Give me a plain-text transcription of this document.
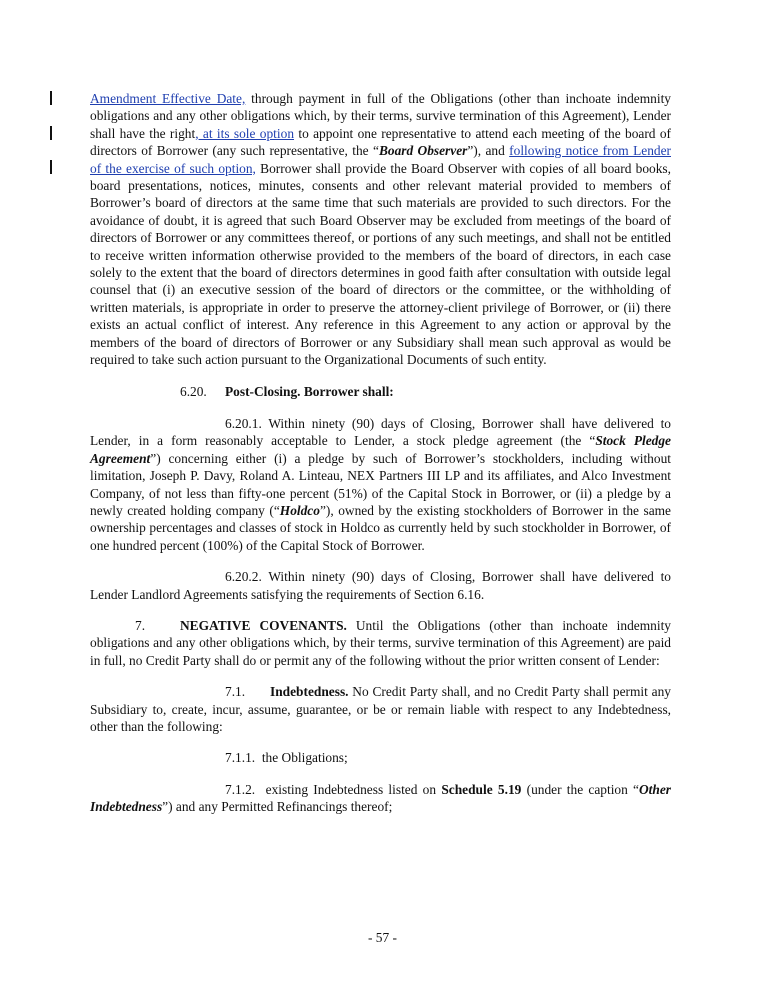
Amendment Effective Date, through payment in full of the Obligations (other than inchoate indemnity obligations and any other obligations which, by their terms, survive termination of this Agreement), Lender shall have the right, at its sole option to appoint one representative to attend each meeting of the board of directors of Borrower (any such representative, the “Board Observer”), and following notice from Lender of the exercise of such option, Borrower shall provide the Board Observer with copies of all board books, board presentations, notices, minutes, consents and other relevant material provided to members of Borrower’s board of directors at the same time that such materials are provided to such directors. For the avoidance of doubt, it is agreed that such Board Observer may be excluded from meetings of the board of directors of Borrower or any committees thereof, or portions of any such meetings, and shall not be entitled to receive written information otherwise provided to the members of the board of directors, in each case solely to the extent that the board of directors determines in good faith after consultation with outside legal counsel that (i) an executive session of the board of directors or the committee, or the withholding of written materials, is appropriate in order to preserve the attorney-client privilege of Borrower, or (ii) there exists an actual conflict of interest. Any reference in this Agreement to any action or approval by the members of the board of directors of Borrower or any Subsidiary shall mean such approval as would be required to take such action pursuant to the Organizational Documents of such entity.

6.20. Post-Closing. Borrower shall:

6.20.1. Within ninety (90) days of Closing, Borrower shall have delivered to Lender, in a form reasonably acceptable to Lender, a stock pledge agreement (the “Stock Pledge Agreement”) concerning either (i) a pledge by such of Borrower’s stockholders, including without limitation, Joseph P. Davy, Roland A. Linteau, NEX Partners III LP and its affiliates, and Alco Investment Company, of not less than fifty-one percent (51%) of the Capital Stock in Borrower, or (ii) a pledge by a newly created holding company (“Holdco”), owned by the existing stockholders of Borrower in the same ownership percentages and classes of stock in Holdco as currently held by such stockholder in Borrower, of one hundred percent (100%) of the Capital Stock of Borrower.

6.20.2. Within ninety (90) days of Closing, Borrower shall have delivered to Lender Landlord Agreements satisfying the requirements of Section 6.16.

7.	NEGATIVE COVENANTS. Until the Obligations (other than inchoate indemnity obligations and any other obligations which, by their terms, survive termination of this Agreement) are paid in full, no Credit Party shall do or permit any of the following without the prior written consent of Lender:

7.1. Indebtedness. No Credit Party shall, and no Credit Party shall permit any Subsidiary to, create, incur, assume, guarantee, or be or remain liable with respect to any Indebtedness, other than the following:

7.1.1.  the Obligations;

7.1.2.  existing Indebtedness listed on Schedule 5.19 (under the caption “Other Indebtedness”) and any Permitted Refinancings thereof;

- 57 -
